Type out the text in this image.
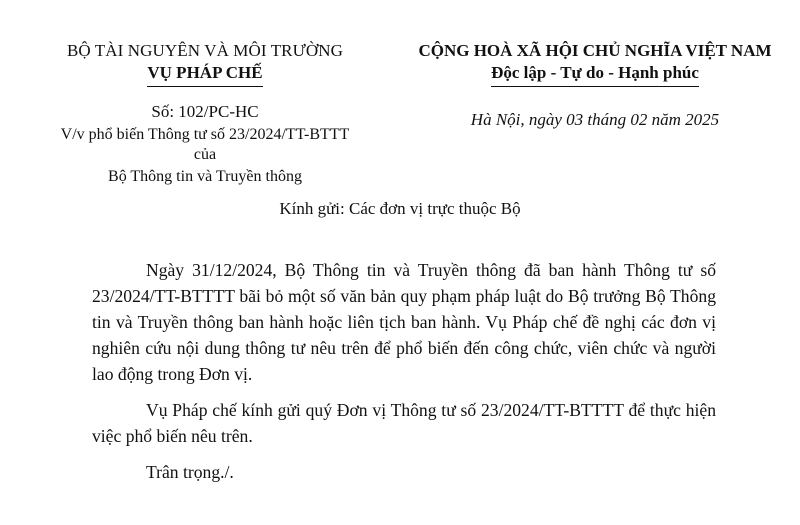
BỘ TÀI NGUYÊN VÀ MÔI TRƯỜNG
VỤ PHÁP CHẾ
Số: 102/PC-HC
V/v phổ biến Thông tư số 23/2024/TT-BTTT của
Bộ Thông tin và Truyền thông
CỘNG HOÀ XÃ HỘI CHỦ NGHĨA VIỆT NAM
Độc lập - Tự do - Hạnh phúc
Hà Nội, ngày 03 tháng 02 năm 2025
Kính gửi: Các đơn vị trực thuộc Bộ

Ngày 31/12/2024, Bộ Thông tin và Truyền thông đã ban hành Thông tư số 23/2024/TT-BTTTT bãi bỏ một số văn bản quy phạm pháp luật do Bộ trưởng Bộ Thông tin và Truyền thông ban hành hoặc liên tịch ban hành. Vụ Pháp chế đề nghị các đơn vị nghiên cứu nội dung thông tư nêu trên để phổ biến đến công chức, viên chức và người lao động trong Đơn vị.

Vụ Pháp chế kính gửi quý Đơn vị Thông tư số 23/2024/TT-BTTTT để thực hiện việc phổ biến nêu trên.

Trân trọng./.
